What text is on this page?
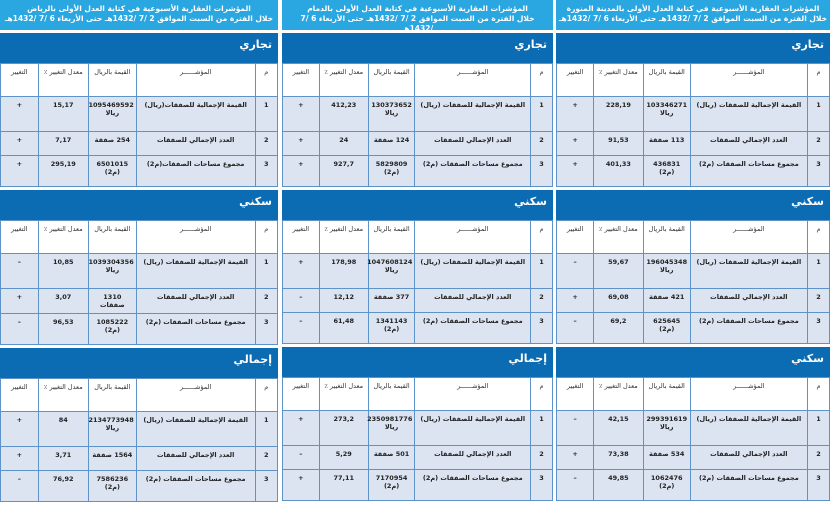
المؤشرات العقارية الأسبوعية في كتابة العدل الأولى بالمدينة المنورة
خلال الفترة من السبت الموافق 2 /7 /1432هـ حتى الأربعاء 6 /7 /1432هـ
تجاري
م	المؤشــــــر	القيمة بالريال	معدل التغيير ٪	التغيير
1	القيمة الإجمالية للصفقات (ريال)	103346271 ريالا	228,19	+
2	العدد الإجمالي للصفقات	113 صفقة	91,53	+
3	مجموع مساحات الصفقات (م2)	436831 (م2)	401,33	+
سكني
م	المؤشــــــر	القيمة بالريال	معدل التغيير ٪	التغيير
1	القيمة الإجمالية للصفقات (ريال)	196045348 ريالا	59,67	–
2	العدد الإجمالي للصفقات	421 صفقة	69,08	+
3	مجموع مساحات الصفقات (م2)	625645 (م2)	69,2	–
سكني
م	المؤشــــــر	القيمة بالريال	معدل التغيير ٪	التغيير
1	القيمة الإجمالية للصفقات (ريال)	299391619 ريالا	42,15	–
2	العدد الإجمالي للصفقات	534 صفقة	73,38	+
3	مجموع مساحات الصفقات (م2)	1062476 (م2)	49,85	–
المؤشرات العقارية الأسبوعية في كتابة العدل الأولى بالدمام
خلال الفترة من السبت الموافق 2 /7 /1432هـ حتى الأربعاء 6 /7 /1432هـ
تجاري
م	المؤشــــــر	القيمة بالريال	معدل التغيير ٪	التغيير
1	القيمة الإجمالية للصفقات (ريال)	130373652 ريالا	412,23	+
2	العدد الإجمالي للصفقات	124 صفقة	24	+
3	مجموع مساحات الصفقات (م2)	5829809 (م2)	927,7	+
سكني
م	المؤشــــــر	القيمة بالريال	معدل التغيير ٪	التغيير
1	القيمة الإجمالية للصفقات (ريال)	1047608124 ريالا	178,98	+
2	العدد الإجمالي للصفقات	377 صفقة	12,12	–
3	مجموع مساحات الصفقات (م2)	1341143 (م2)	61,48	–
إجمالي
م	المؤشــــــر	القيمة بالريال	معدل التغيير ٪	التغيير
1	القيمة الإجمالية للصفقات (ريال)	2350981776 ريالا	273,2	+
2	العدد الإجمالي للصفقات	501 صفقة	5,29	–
3	مجموع مساحات الصفقات (م2)	7170954 (م2)	77,11	+
المؤشرات العقارية الأسبوعية في كتابة العدل الأولى بالرياض
خلال الفترة من السبت الموافق 2 /7 /1432هـ حتى الأربعاء 6 /7 /1432هـ
تجاري
م	المؤشــــــر	القيمة بالريال	معدل التغيير ٪	التغيير
1	القيمة الإجمالية للصفقات(ريال)	1095469592 ريالا	15,17	+
2	العدد الإجمالي للصفقات	254 صفقة	7,17	+
3	مجموع مساحات الصفقات(م2)	6501015 (م2)	295,19	+
سكني
م	المؤشــــــر	القيمة بالريال	معدل التغيير ٪	التغيير
1	القيمة الإجمالية للصفقات (ريال)	1039304356 ريالا	10,85	–
2	العدد الإجمالي للصفقات	1310 صفقات	3,07	+
3	مجموع مساحات الصفقات (م2)	1085222 (م2)	96,53	–
إجمالي
م	المؤشــــــر	القيمة بالريال	معدل التغيير ٪	التغيير
1	القيمة الإجمالية للصفقات (ريال)	2134773948 ريالا	84	+
2	العدد الإجمالي للصفقات	1564 صفقة	3,71	+
3	مجموع مساحات الصفقات (م2)	7586236 (م2)	76,92	–
